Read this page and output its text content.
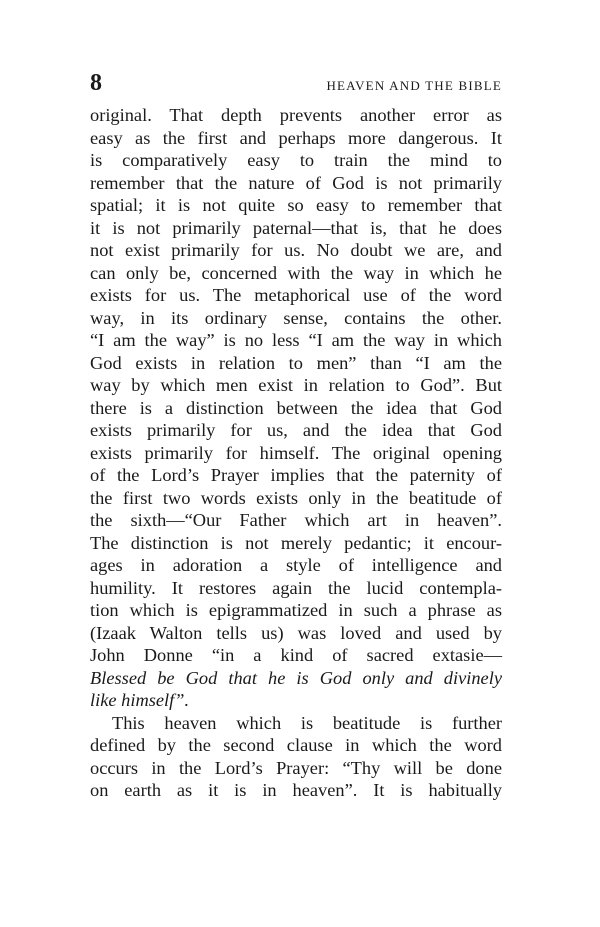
8	HEAVEN AND THE BIBLE
original. That depth prevents another error as
easy as the first and perhaps more dangerous. It
is comparatively easy to train the mind to
remember that the nature of God is not primarily
spatial; it is not quite so easy to remember that
it is not primarily paternal—that is, that he does
not exist primarily for us. No doubt we are, and
can only be, concerned with the way in which he
exists for us. The metaphorical use of the word
way, in its ordinary sense, contains the other.
“I am the way” is no less “I am the way in which
God exists in relation to men” than “I am the
way by which men exist in relation to God”. But
there is a distinction between the idea that God
exists primarily for us, and the idea that God
exists primarily for himself. The original opening
of the Lord’s Prayer implies that the paternity of
the first two words exists only in the beatitude of
the sixth—“Our Father which art in heaven”.
The distinction is not merely pedantic; it encour-
ages in adoration a style of intelligence and
humility. It restores again the lucid contempla-
tion which is epigrammatized in such a phrase as
(Izaak Walton tells us) was loved and used by
John Donne “in a kind of sacred extasie—
Blessed be God that he is God only and divinely
like himself”.
This heaven which is beatitude is further
defined by the second clause in which the word
occurs in the Lord’s Prayer: “Thy will be done
on earth as it is in heaven”. It is habitually
